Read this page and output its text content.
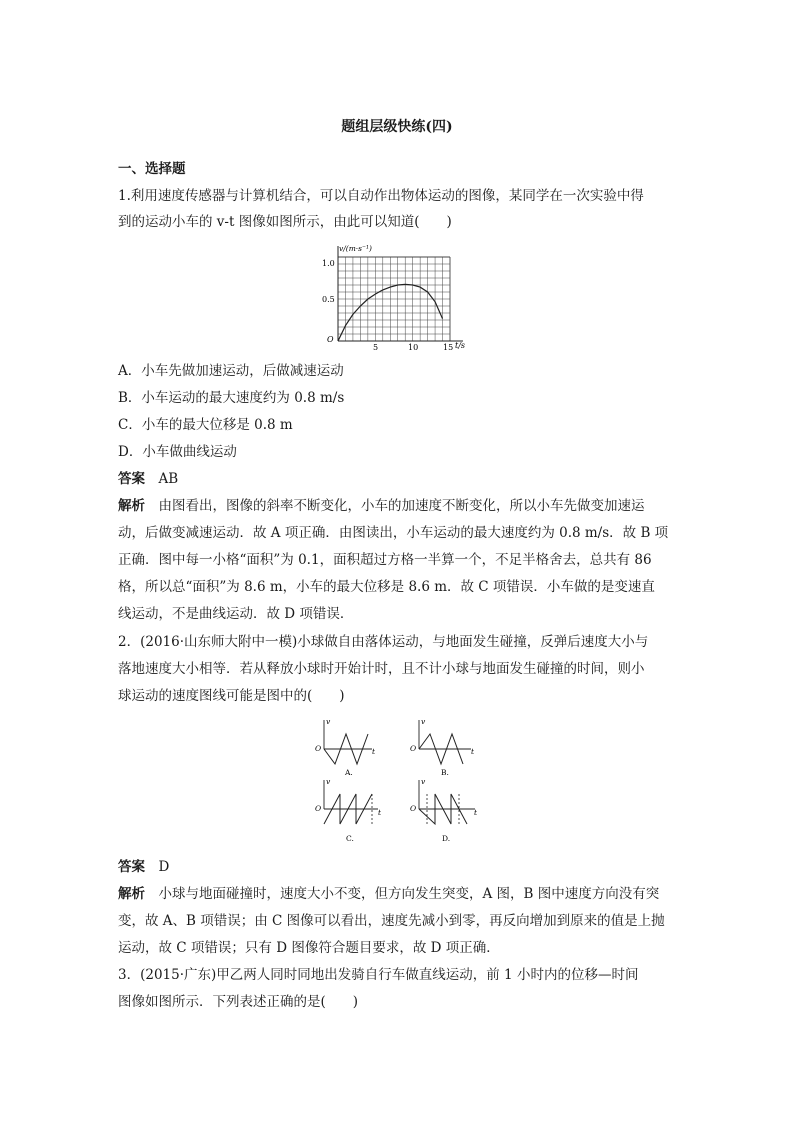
题组层级快练(四)
一、选择题
1.利用速度传感器与计算机结合，可以自动作出物体运动的图像，某同学在一次实验中得
到的运动小车的 v-t 图像如图所示，由此可以知道(　　)
v/(m·s⁻¹)
t/s
O
1.0
0.5
5	10	15
A．小车先做加速运动，后做减速运动
B．小车运动的最大速度约为 0.8 m/s
C．小车的最大位移是 0.8 m
D．小车做曲线运动
答案　 AB
解析　 由图看出，图像的斜率不断变化，小车的加速度不断变化，所以小车先做变加速运
动，后做变减速运动．故 A 项正确．由图读出，小车运动的最大速度约为 0.8 m/s．故 B 项
正确．图中每一小格“面积”为 0.1，面积超过方格一半算一个，不足半格舍去，总共有 86
格，所以总“面积”为 8.6 m，小车的最大位移是 8.6 m．故 C 项错误．小车做的是变速直
线运动，不是曲线运动．故 D 项错误．
2．(2016·山东师大附中一模)小球做自由落体运动，与地面发生碰撞，反弹后速度大小与
落地速度大小相等．若从释放小球时开始计时，且不计小球与地面发生碰撞的时间，则小
球运动的速度图线可能是图中的(　　)
v
O	t
A.
v
O	t
B.
v
O	t
C.
v
O	t
D.
答案　 D
解析　 小球与地面碰撞时，速度大小不变，但方向发生突变，A 图，B 图中速度方向没有突
变，故 A、B 项错误；由 C 图像可以看出，速度先减小到零，再反向增加到原来的值是上抛
运动，故 C 项错误；只有 D 图像符合题目要求，故 D 项正确．
3．(2015·广东)甲乙两人同时同地出发骑自行车做直线运动，前 1 小时内的位移—时间
图像如图所示．下列表述正确的是(　　)
